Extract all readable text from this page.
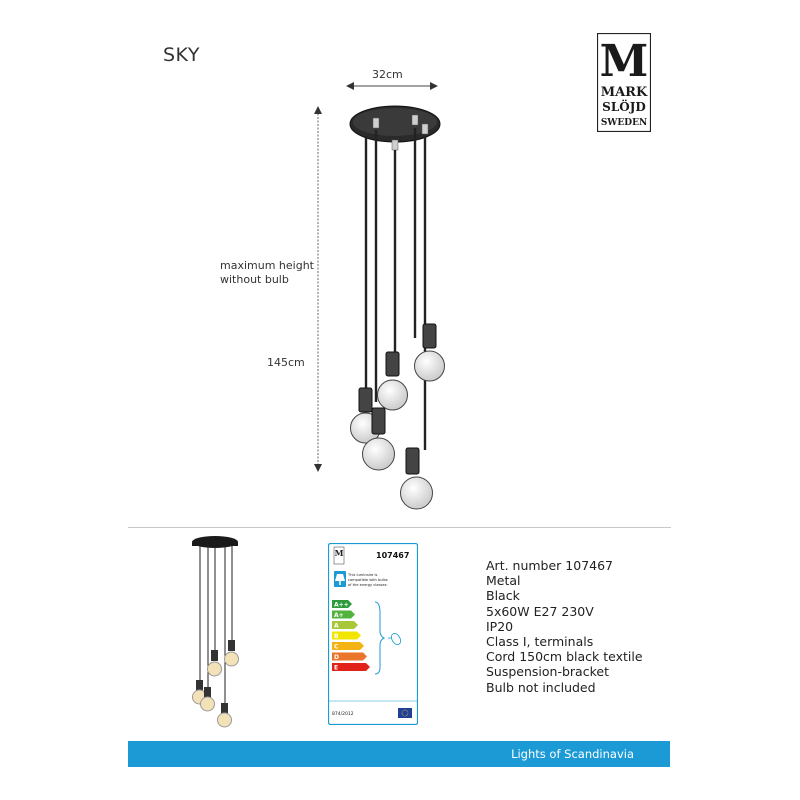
SKY	M
MARK
SLÖJD
SWEDEN
32cm
maximum height
without bulb
145cm
M	107467
This luminaire is
compatible with bulbs
of the energy classes:
A++
A+
A
B
C
D
E
874/2012
Art. number 107467
Metal
Black
5x60W E27 230V
IP20
Class I, terminals
Cord 150cm black textile
Suspension-bracket
Bulb not included
Lights of Scandinavia
